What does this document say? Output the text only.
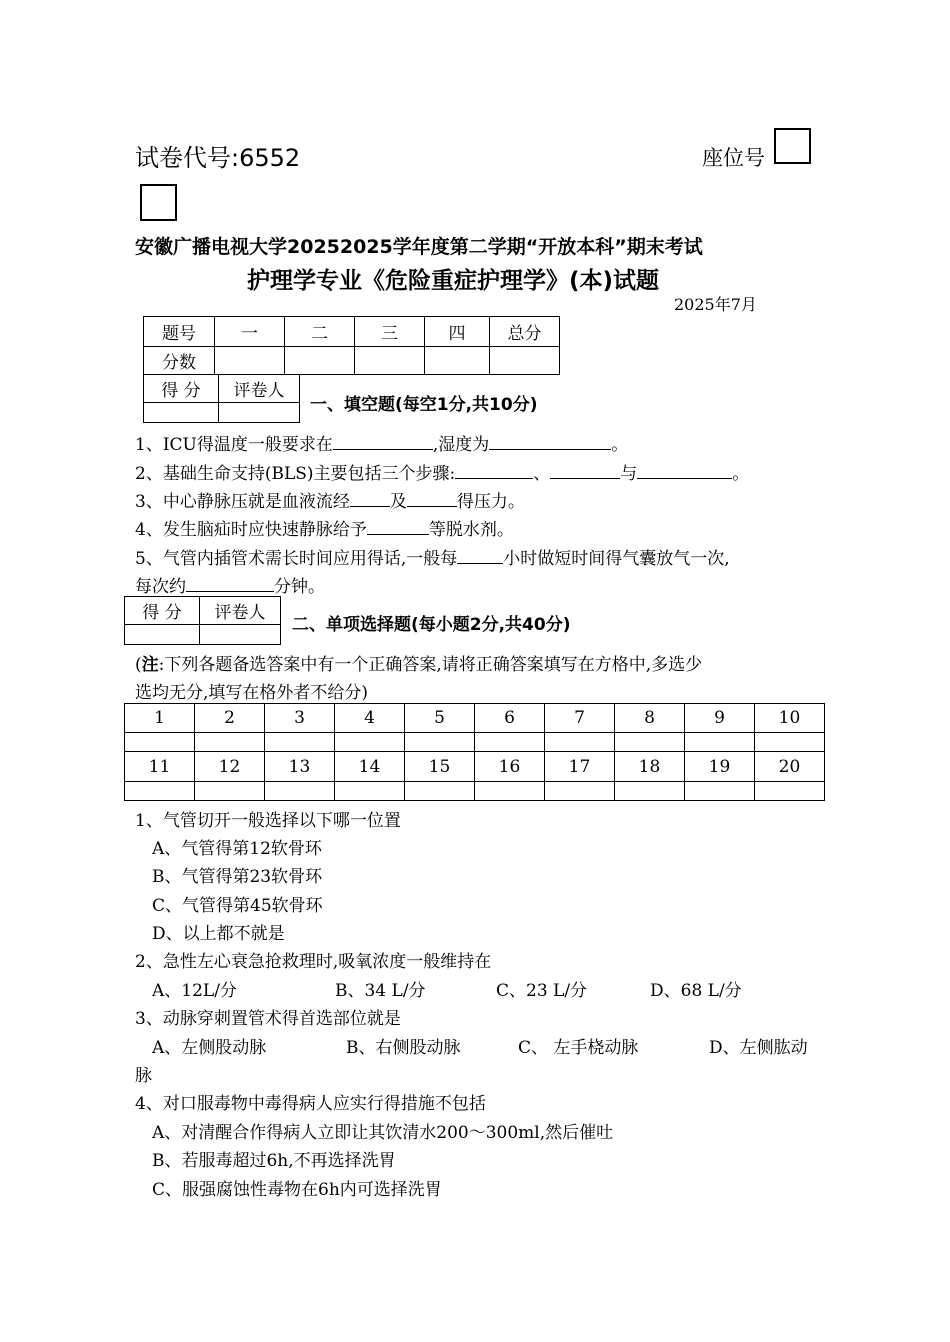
试卷代号:6552	座位号
安徽广播电视大学20252025学年度第二学期“开放本科”期末考试
护理学专业《危险重症护理学》(本)试题
2025年7月
题号	一	二	三	四	总分
分数					
得 分	评卷人

一、填空题(每空1分,共10分)
1、ICU得温度一般要求在	,湿度为	。
2、基础生命支持(BLS)主要包括三个步骤:	、	与	。
3、中心静脉压就是血液流经 及	得压力。
4、发生脑疝时应快速静脉给予	等脱水剂。
5、气管内插管术需长时间应用得话,一般每	小时做短时间得气囊放气一次,
每次约	分钟。
得 分	评卷人

二、单项选择题(每小题2分,共40分)
(注:下列各题备选答案中有一个正确答案,请将正确答案填写在方格中,多选少
选均无分,填写在格外者不给分)
1	2	3	4	5	6	7	8	9	10

11	12	13	14	15	16	17	18	19	20

1、气管切开一般选择以下哪一位置
A、气管得第12软骨环
B、气管得第23软骨环
C、气管得第45软骨环
D、以上都不就是
2、急性左心衰急抢救理时,吸氧浓度一般维持在
A、12L/分	B、34 L/分	C、23 L/分	D、68 L/分
3、动脉穿刺置管术得首选部位就是
A、左侧股动脉	B、右侧股动脉	C、 左手桡动脉	D、左侧肱动
脉
4、对口服毒物中毒得病人应实行得措施不包括
A、对清醒合作得病人立即让其饮清水200～300ml,然后催吐
B、若服毒超过6h,不再选择洗胃
C、服强腐蚀性毒物在6h内可选择洗胃
